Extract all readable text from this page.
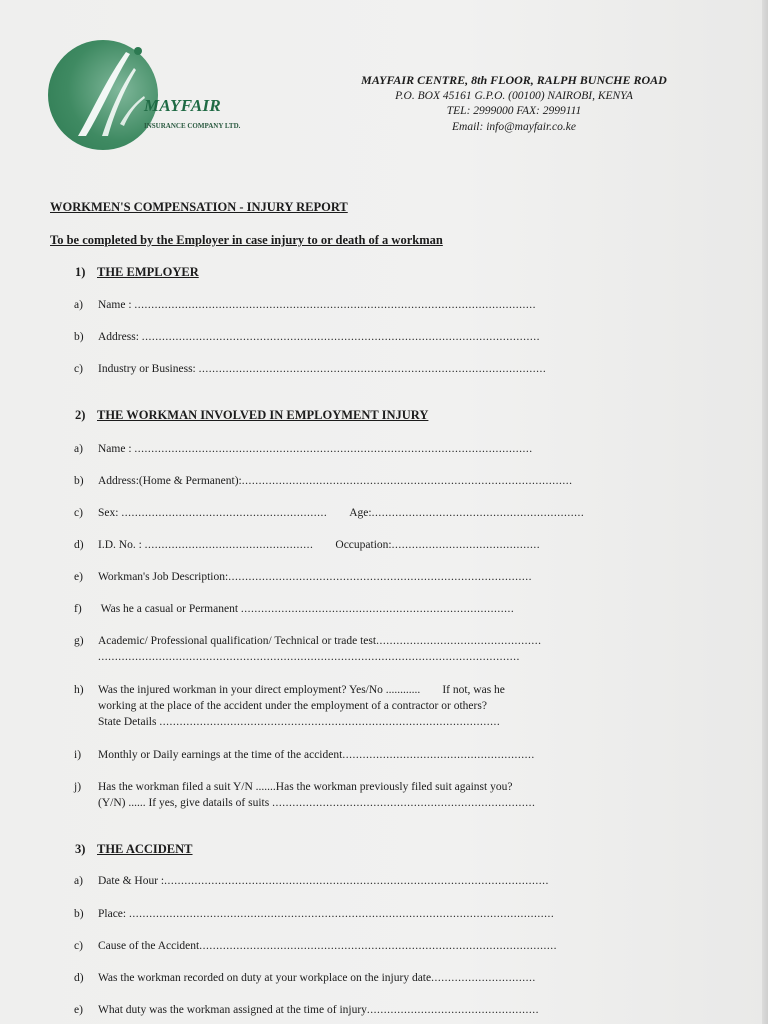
MAYFAIR
INSURANCE COMPANY LTD.
MAYFAIR CENTRE, 8th FLOOR, RALPH BUNCHE ROAD
P.O. BOX 45161 G.P.O. (00100) NAIROBI, KENYA
TEL: 2999000 FAX: 2999111
Email: info@mayfair.co.ke
WORKMEN'S COMPENSATION - INJURY REPORT
To be completed by the Employer in case injury to or death of a workman
1) THE EMPLOYER
a) Name : .......................................................................................................................
b) Address: ......................................................................................................................
c) Industry or Business: .......................................................................................................
2) THE WORKMAN INVOLVED IN EMPLOYMENT INJURY
a) Name : ......................................................................................................................
b) Address:(Home & Permanent):..................................................................................................
c) Sex: ............................................................. Age:...............................................................
d) I.D. No. : .................................................. Occupation:............................................
e) Workman's Job Description:..........................................................................................
f) Was he a casual or Permanent .................................................................................
g) Academic/ Professional qualification/ Technical or trade test.................................................
.............................................................................................................................
h) Was the injured workman in your direct employment? Yes/No ............ If not, was he
working at the place of the accident under the employment of a contractor or others?
State Details .....................................................................................................
i) Monthly or Daily earnings at the time of the accident.........................................................
j) Has the workman filed a suit Y/N .......Has the workman previously filed suit against you?
(Y/N) ...... If yes, give datails of suits ..............................................................................
3) THE ACCIDENT
a) Date & Hour :..................................................................................................................
b) Place: ..............................................................................................................................
c) Cause of the Accident..........................................................................................................
d) Was the workman recorded on duty at your workplace on the injury date...............................
e) What duty was the workman assigned at the time of injury...................................................
